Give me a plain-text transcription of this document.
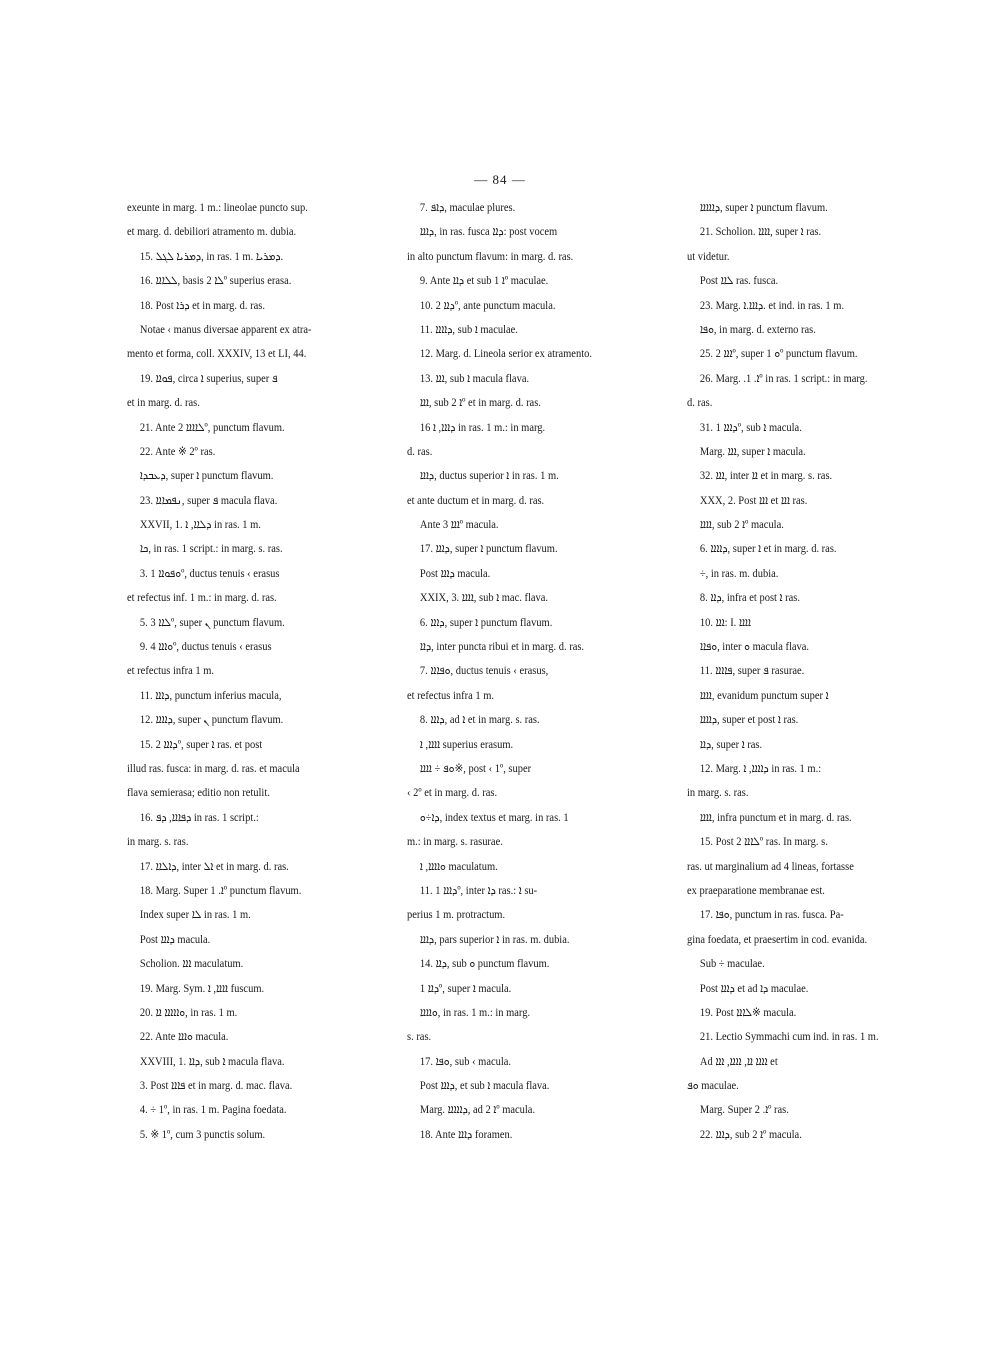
— 84 —
exeunte in marg. 1 m.: lineolae puncto sup.
et marg. d. debiliori atramento m. dubia.
15. ܕܡܪܝܐ ܠܓܠ, in ras. 1 m. ܕܡܪܝܐ.
16. ܠܠܐܐܐ, basis ܠܐ 2º superius erasa.
18. Post ܕܪܐ et in marg. d. ras.
Notae ‹ manus diversae apparent ex atra-
mento et forma, coll. XXXIV, 13 et LI, 44.
19. ܦܘܐܐ, circa ܐ superius, super ܦ
et in marg. d. ras.
21. Ante ܠܐܐܐܐ 2º, punctum flavum.
22. Ante ※ 2º ras.
ܕܥܒܕܐ, super ܐ punctum flavum.
23. ܢܦܡܐܐܐ, super ܦ macula flava.
XXVII, 1. ܕܠܐܐ, ܐ in ras. 1 m.
ܟܐ, in ras. 1 script.: in marg. s. ras.
3. ܘܦܘܐܐ 1º, ductus tenuis ‹ erasus
et refectus inf. 1 m.: in marg. d. ras.
5. ܠܐܐ 3º, super ܢ punctum flavum.
9. ܘܐܐܐ 4º, ductus tenuis ‹ erasus
et refectus infra 1 m.
11. ܕܐܐܐ, punctum inferius macula,
12. ܕܐܐܐܐ, super ܢ punctum flavum.
15. ܕܐܐܐ 2º, super ܐ ras. et post
illud ras. fusca: in marg. d. ras. et macula
flava semierasa; editio non retulit.
16. ܕܦܐܐܐ, ܕܦ in ras. 1 script.:
in marg. s. ras.
17. ܕܐܠܐܐ, inter ܐܠ et in marg. d. ras.
18. Marg. Super ܐ. 1º punctum flavum.
Index super ܠܐ in ras. 1 m.
Post ܕܐܐܐ macula.
Scholion. ܐܐܐ maculatum.
19. Marg. Sym. ܐܐܐܐ, ܐ fuscum.
20. ܘܐܐܐܐܐ ܐܐ, in ras. 1 m.
22. Ante ܘܐܐܐ macula.
XXVIII, 1. ܕܐܐ, sub ܐ macula flava.
3. Post ܦܐܐܐ et in marg. d. mac. flava.
4. ÷ 1º, in ras. 1 m. Pagina foedata.
5. ※ 1º, cum 3 punctis solum.
7. ܕܐܦ, maculae plures.
ܕܐܐܐ, in ras. fusca ܕܐܐ: post vocem
in alto punctum flavum: in marg. d. ras.
9. Ante ܕܐܐ et sub ܐ 1º maculae.
10. ܕܐܐ 2º, ante punctum macula.
11. ܕܐܐܐܐ, sub ܐ maculae.
12. Marg. d. Lineola serior ex atramento.
13. ܐܐܐ, sub ܐ macula flava.
ܐܐܐ, sub ܐ 2º et in marg. d. ras.
16 ܕܐܐܐ, ܐ in ras. 1 m.: in marg.
d. ras.
ܕܐܐܐ, ductus superior ܐ in ras. 1 m.
et ante ductum et in marg. d. ras.
Ante ܐܐܐ 3º macula.
17. ܕܐܐܐ, super ܐ punctum flavum.
Post ܕܐܐܐ macula.
XXIX, 3. ܐܐܐܐ, sub ܐ mac. flava.
6. ܕܐܐܐ, super ܐ punctum flavum.
ܕܐܐ, inter puncta ribui et in marg. d. ras.
7. ܘܦܐܐܐ, ductus tenuis ‹ erasus,
et refectus infra 1 m.
8. ܕܐܐܐ, ad ܐ et in marg. s. ras.
ܐܐܐܐ, ܐ superius erasum.
ܘܦ ÷ ܐܐܐܐ※, post ‹ 1º, super
‹ 2º et in marg. d. ras.
ܕܐ÷ܘ, index textus et marg. in ras. 1
m.: in marg. s. rasurae.
ܘܐܐܐܐ, ܐ maculatum.
11. ܕܐܐܐ 1º, inter ܕܐ ras.: ܐ su-
perius 1 m. protractum.
ܕܐܐܐ, pars superior ܐ in ras. m. dubia.
14. ܕܐܐ, sub ܘ punctum flavum.
ܕܐܐ 1º, super ܐ macula.
ܘܐܐܐܐ, in ras. 1 m.: in marg.
s. ras.
17. ܘܦܐ, sub ‹ macula.
Post ܕܐܐܐ, et sub ܐ macula flava.
Marg. ܕܐܐܐܐܐ, ad ܐ 2º macula.
18. Ante ܕܐܐܐ foramen.
ܕܐܐܐܐܐ, super ܐ punctum flavum.
21. Scholion. ܐܐܐܐ, super ܐ ras.
ut videtur.
Post ܠܐܐ ras. fusca.
23. Marg. ܕܐܐܐ.ܐ. et ind. in ras. 1 m.
ܘܦܐ, in marg. d. externo ras.
25. ܐܐܐ 2º, super ܘ 1º punctum flavum.
26. Marg. .ܐ. 1º in ras. 1 script.: in marg.
d. ras.
31. ܕܐܐܐ 1º, sub ܐ macula.
Marg. ܐܐܐ, super ܐ macula.
32. ܐܐܐ, inter ܐܐ et in marg. s. ras.
XXX, 2. Post ܐܐܐ et ܐܐܐ ras.
ܐܐܐܐ, sub ܐ 2º macula.
6. ܕܐܐܐܐ, super ܐ et in marg. d. ras.
÷, in ras. m. dubia.
8. ܕܐܐ, infra et post ܐ ras.
10. ܐܐܐ: I. ܐܐܐܐ
ܘܦܐܐ, inter ܘ macula flava.
11. ܦܐܐܐܐ, super ܦ rasurae.
ܐܐܐܐ, evanidum punctum super ܐ
ܕܐܐܐܐ, super et post ܐ ras.
ܕܐܐ, super ܐ ras.
12. Marg. ܕܐܐܐܐ, ܐ in ras. 1 m.:
in marg. s. ras.
ܐܐܐܐ, infra punctum et in marg. d. ras.
15. Post ܠܐܐܐ 2º ras. In marg. s.
ras. ut marginalium ad 4 lineas, fortasse
ex praeparatione membranae est.
17. ܘܦܐ, punctum in ras. fusca. Pa-
gina foedata, et praesertim in cod. evanida.
Sub ÷ maculae.
Post ܕܐܐܐ et ad ܕܐ maculae.
19. Post ܠܐܐܐ※ macula.
21. Lectio Symmachi cum ind. in ras. 1 m.
Ad ܐܐܐܐ ܐܐ, ܐܐܐܐ, ܐܐܐ et
ܘܦ maculae.
Marg. Super ܐ. 2º ras.
22. ܕܐܐܐ, sub ܐ 2º macula.
